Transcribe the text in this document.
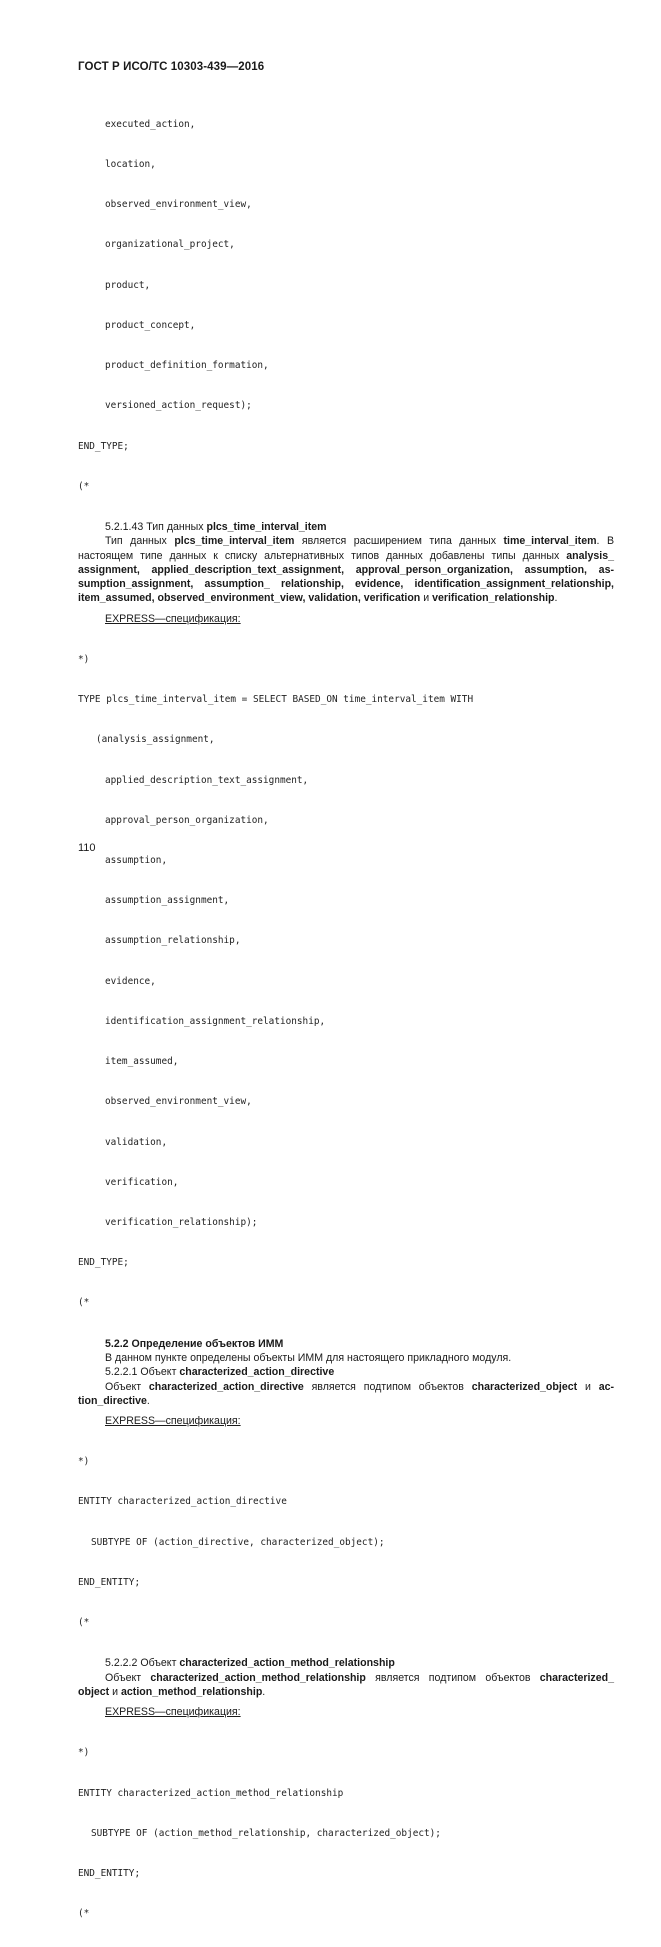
ГОСТ Р ИСО/ТС 10303-439—2016

executed_action,

location,

observed_environment_view,

organizational_project,

product,

product_concept,

product_definition_formation,

versioned_action_request);

END_TYPE;

(*

5.2.1.43 Тип данных plcs_time_interval_item

Тип данных plcs_time_interval_item является расширением типа данных time_interval_item. В настоящем типе данных к списку альтернативных типов данных добавлены типы данных analysis_ assignment, applied_description_text_assignment, approval_person_organization, assumption, as-sumption_assignment, assumption_ relationship, evidence, identification_assignment_relationship, item_assumed, observed_environment_view, validation, verification и verification_relationship.

EXPRESS—спецификация:

*)

TYPE plcs_time_interval_item = SELECT BASED_ON time_interval_item WITH

(analysis_assignment,

applied_description_text_assignment,

approval_person_organization,

assumption,

assumption_assignment,

assumption_relationship,

evidence,

identification_assignment_relationship,

item_assumed,

observed_environment_view,

validation,

verification,

verification_relationship);

END_TYPE;

(*

5.2.2 Определение объектов ИММ

В данном пункте определены объекты ИММ для настоящего прикладного модуля.

5.2.2.1 Объект characterized_action_directive

Объект characterized_action_directive является подтипом объектов characterized_object и ac-tion_directive.

EXPRESS—спецификация:

*)

ENTITY characterized_action_directive

SUBTYPE OF (action_directive, characterized_object);

END_ENTITY;

(*

5.2.2.2 Объект characterized_action_method_relationship

Объект characterized_action_method_relationship является подтипом объектов characterized_ object и action_method_relationship.

EXPRESS—спецификация:

*)

ENTITY characterized_action_method_relationship

SUBTYPE OF (action_method_relationship, characterized_object);

END_ENTITY;

(*

110
